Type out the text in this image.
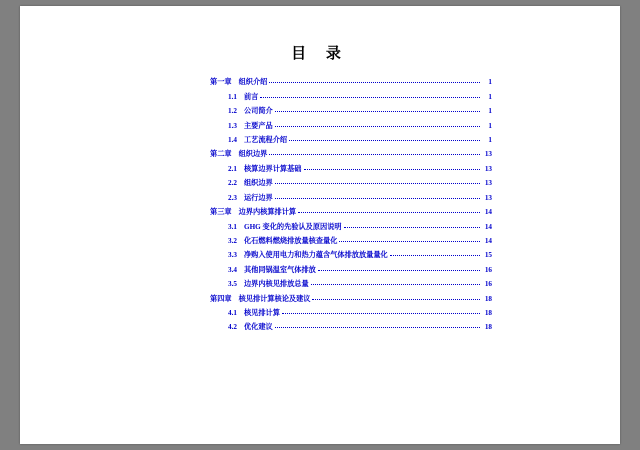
目 录
第一章 组织介绍	1
1.1 前言	1
1.2 公司简介	1
1.3 主要产品	1
1.4 工艺流程介绍	1
第二章 组织边界	13
2.1 核算边界计算基础	13
2.2 组织边界	13
2.3 运行边界	13
第三章 边界内核算排计算	14
3.1 GHG 变化的先验认及原因说明	14
3.2 化石燃料燃烧排放量核查量化	14
3.3 净购入使用电力和热力蕴含气体排放放量量化	15
3.4 其他同锅温室气体排放	16
3.5 边界内核见排放总量	16
第四章 核见排计算核论及建议	18
4.1 核见排计算	18
4.2 优化建议	18
